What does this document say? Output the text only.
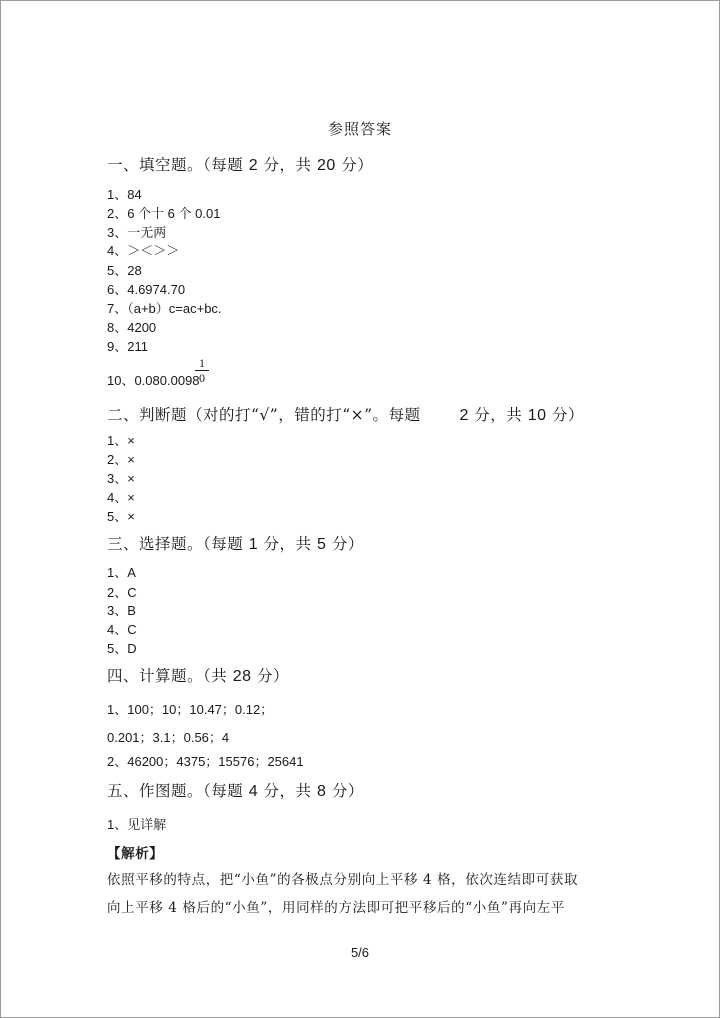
参照答案
一、填空题。（每题 2 分，共 20 分）
1、84
2、6 个十 6 个 0.01
3、一无两
4、＞＜＞＞
5、28
6、4.6974.70
7、（a+b）c=ac+bc.
8、4200
9、211
10、0.080.0098
1
0
二、判断题（对的打“√”，错的打“×”。每题 2 分，共 10 分）
1、×
2、×
3、×
4、×
5、×
三、选择题。（每题 1 分，共 5 分）
1、A
2、C
3、B
4、C
5、D
四、计算题。（共 28 分）
1、100；10；10.47；0.12；
0.201；3.1；0.56；4
2、46200；4375；15576；25641
五、作图题。（每题 4 分，共 8 分）
1、见详解
【解析】
依照平移的特点，把“小鱼”的各极点分别向上平移 4 格，依次连结即可获取
向上平移 4 格后的“小鱼”，用同样的方法即可把平移后的“小鱼”再向左平
5/6
